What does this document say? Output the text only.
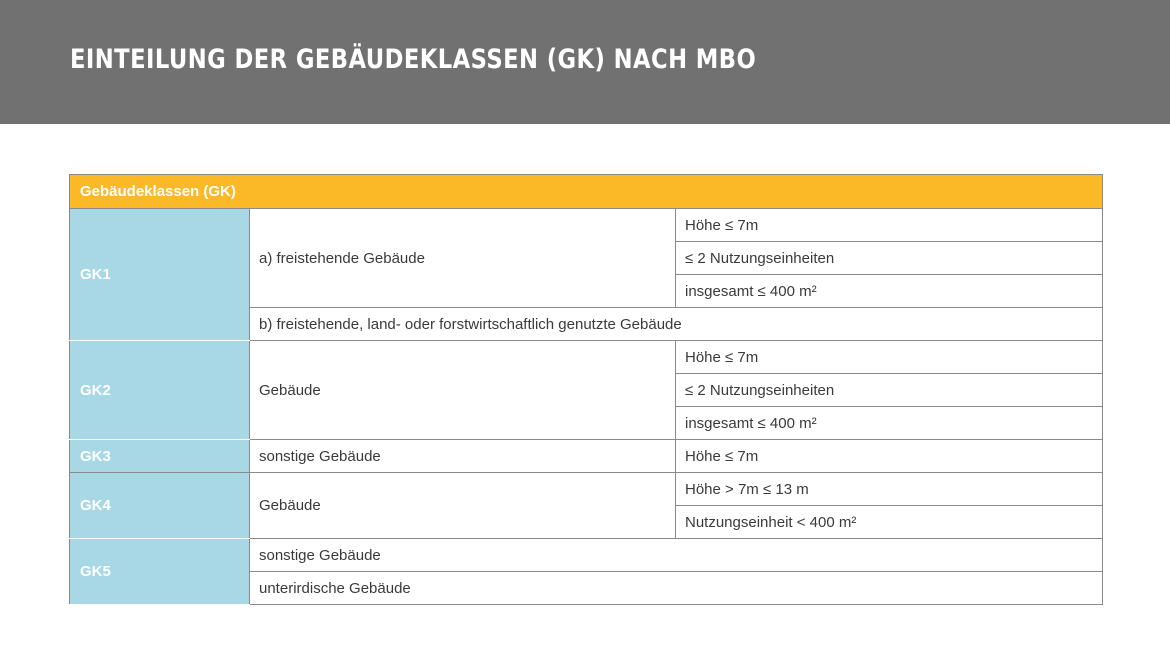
EINTEILUNG DER GEBÄUDEKLASSEN (GK) NACH MBO
Gebäudeklassen (GK)		
GK1	a) freistehende Gebäude	Höhe ≤ 7m
		≤ 2 Nutzungseinheiten
		insgesamt ≤ 400 m²
	b) freistehende, land- oder forstwirtschaftlich genutzte Gebäude	
GK2	Gebäude	Höhe ≤ 7m
		≤ 2 Nutzungseinheiten
		insgesamt ≤ 400 m²
GK3	sonstige Gebäude	Höhe ≤ 7m
GK4	Gebäude	Höhe > 7m ≤ 13 m
		Nutzungseinheit < 400 m²
GK5	sonstige Gebäude	
	unterirdische Gebäude	
